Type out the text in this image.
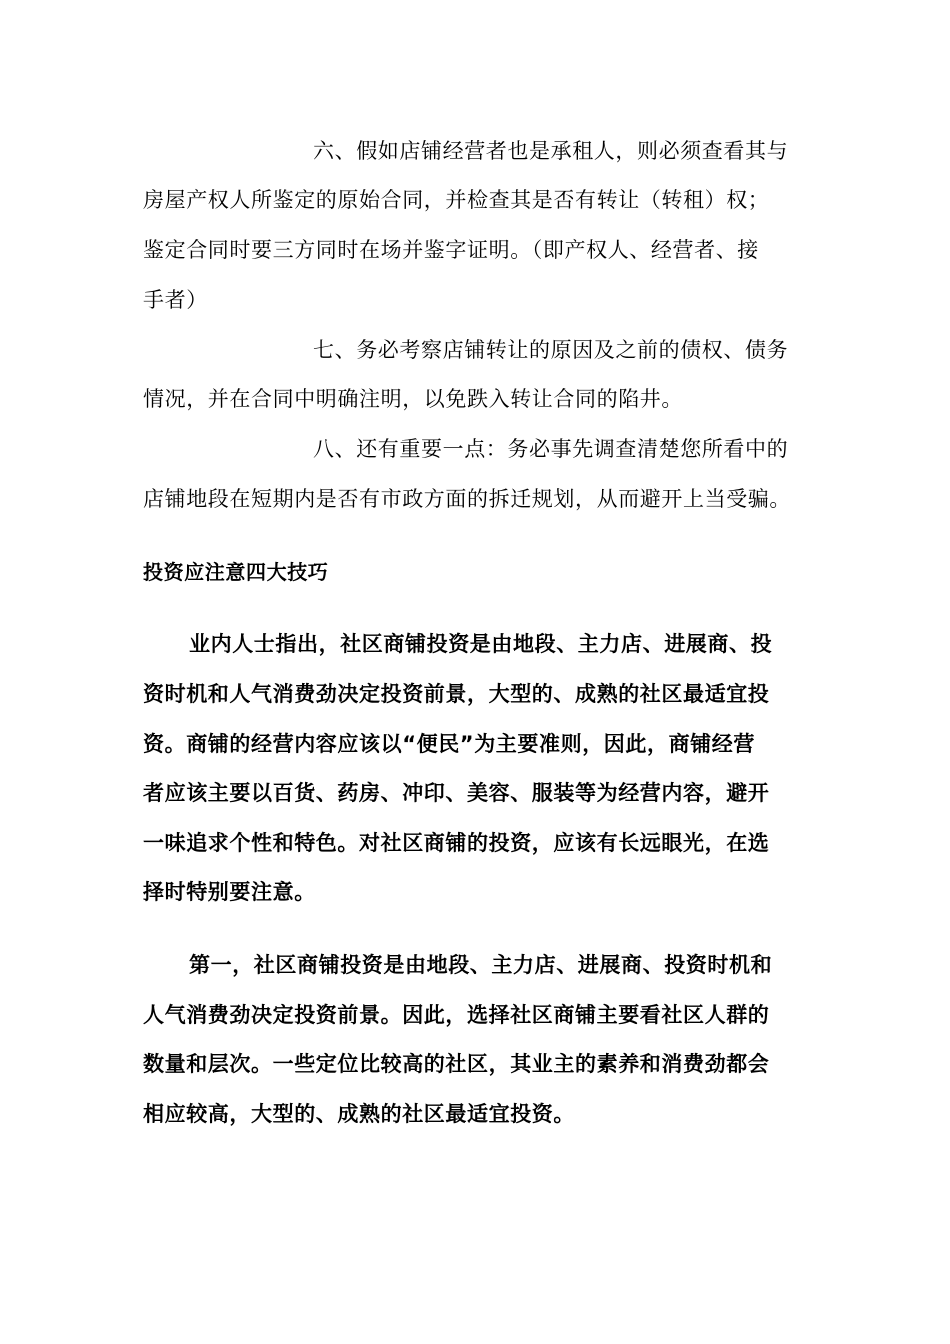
六、假如店铺经营者也是承租人，则必须查看其与
房屋产权人所鉴定的原始合同，并检查其是否有转让（转租）权；
鉴定合同时要三方同时在场并鉴字证明。（即产权人、经营者、接
手者）
七、务必考察店铺转让的原因及之前的债权、债务
情况，并在合同中明确注明，以免跌入转让合同的陷井。
八、还有重要一点：务必事先调查清楚您所看中的
店铺地段在短期内是否有市政方面的拆迁规划，从而避开上当受骗。
投资应注意四大技巧
业内人士指出，社区商铺投资是由地段、主力店、进展商、投
资时机和人气消费劲决定投资前景，大型的、成熟的社区最适宜投
资。商铺的经营内容应该以“便民”为主要准则，因此，商铺经营
者应该主要以百货、药房、冲印、美容、服装等为经营内容，避开
一味追求个性和特色。对社区商铺的投资，应该有长远眼光，在选
择时特别要注意。
第一，社区商铺投资是由地段、主力店、进展商、投资时机和
人气消费劲决定投资前景。因此，选择社区商铺主要看社区人群的
数量和层次。一些定位比较高的社区，其业主的素养和消费劲都会
相应较高，大型的、成熟的社区最适宜投资。
